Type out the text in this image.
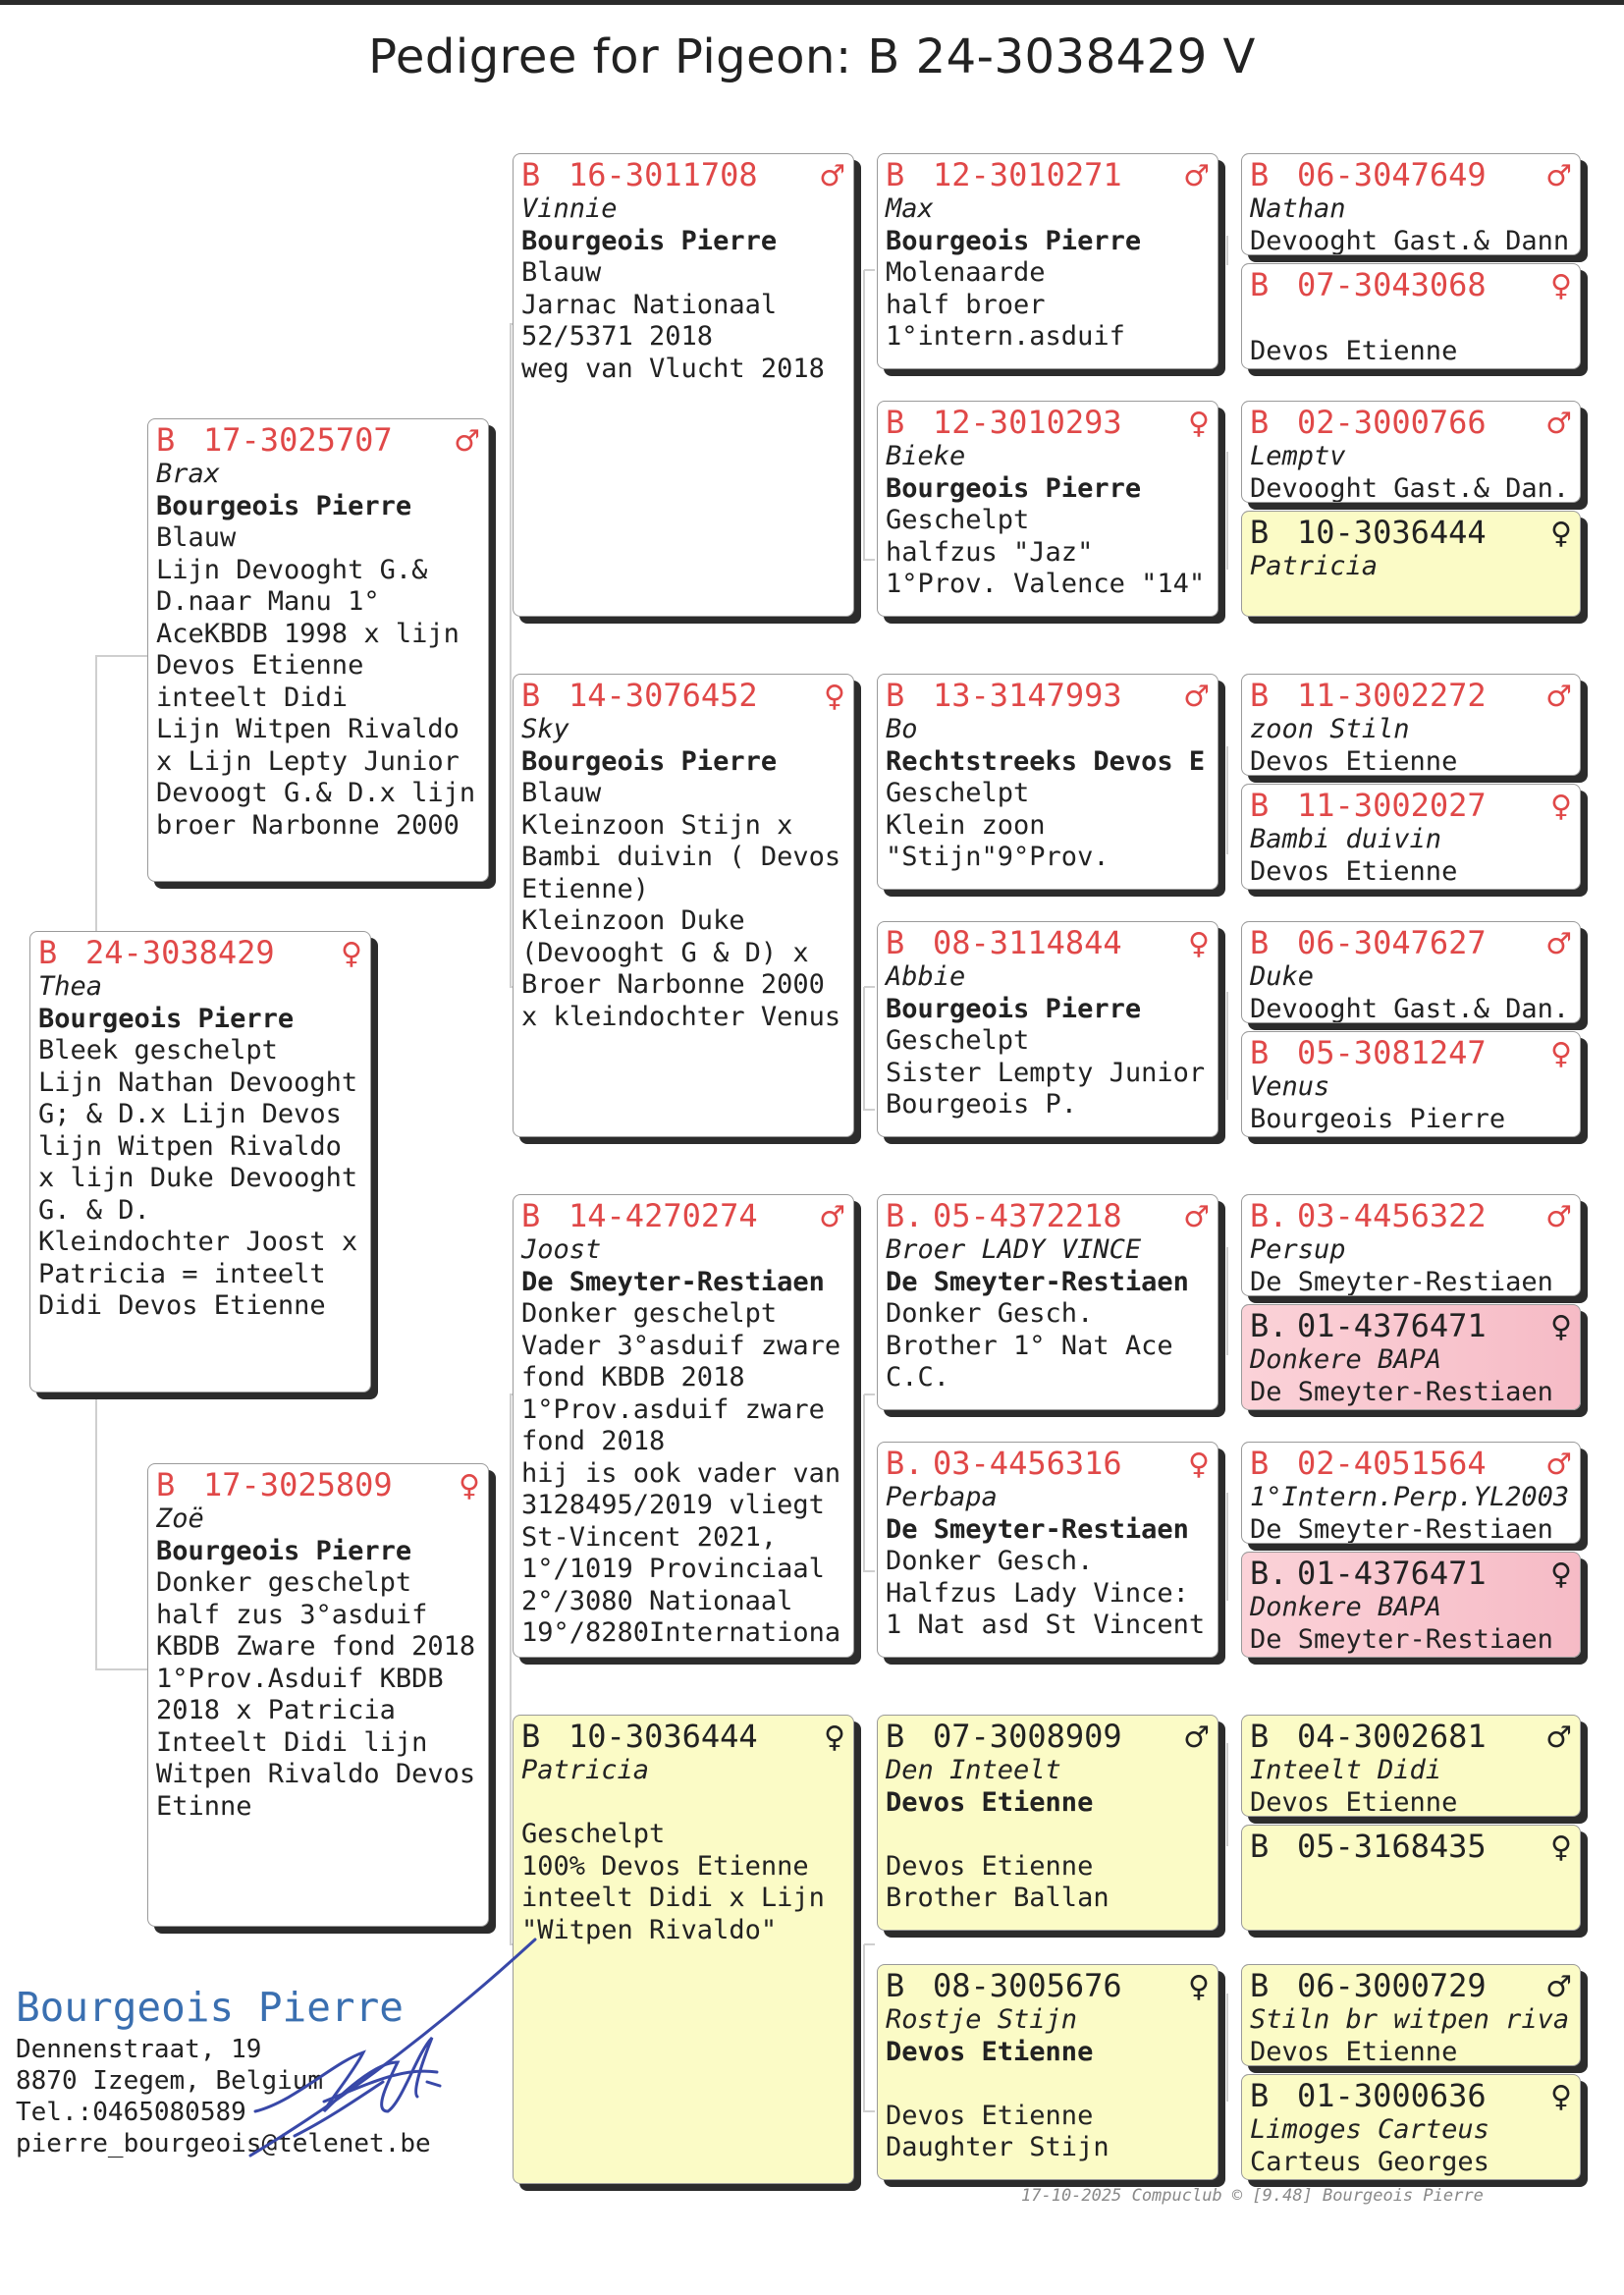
Pedigree for Pigeon: B 24-3038429 V
B 24-3038429	♀
Thea
Bourgeois Pierre
Bleek geschelpt
Lijn Nathan Devooght
G; & D.x Lijn Devos
lijn Witpen Rivaldo
x lijn Duke Devooght
G. & D.
Kleindochter Joost x
Patricia = inteelt
Didi Devos Etienne
B 17-3025707	♂
Brax
Bourgeois Pierre
Blauw
Lijn Devooght G.&
D.naar Manu 1°
AceKBDB 1998 x lijn
Devos Etienne
inteelt Didi
Lijn Witpen Rivaldo
x Lijn Lepty Junior
Devoogt G.& D.x lijn
broer Narbonne 2000
B 17-3025809	♀
Zoë
Bourgeois Pierre
Donker geschelpt
half zus 3°asduif
KBDB Zware fond 2018
1°Prov.Asduif KBDB
2018 x Patricia
Inteelt Didi lijn
Witpen Rivaldo Devos
Etinne
B 16-3011708	♂
Vinnie
Bourgeois Pierre
Blauw
Jarnac Nationaal
52/5371 2018
weg van Vlucht 2018
B 14-3076452	♀
Sky
Bourgeois Pierre
Blauw
Kleinzoon Stijn x
Bambi duivin ( Devos
Etienne)
Kleinzoon Duke
(Devooght G & D) x
Broer Narbonne 2000
x kleindochter Venus
B 14-4270274	♂
Joost
De Smeyter-Restiaen
Donker geschelpt
Vader 3°asduif zware
fond KBDB 2018
1°Prov.asduif zware
fond 2018
hij is ook vader van
3128495/2019 vliegt
St-Vincent 2021,
1°/1019 Provinciaal
2°/3080 Nationaal
19°/8280Internationa
B 10-3036444	♀
Patricia
Geschelpt
100% Devos Etienne
inteelt Didi x Lijn
"Witpen Rivaldo"
B 12-3010271	♂
Max
Bourgeois Pierre
Molenaarde
half broer
1°intern.asduif
B 12-3010293	♀
Bieke
Bourgeois Pierre
Geschelpt
halfzus "Jaz"
1°Prov. Valence "14"
B 13-3147993	♂
Bo
Rechtstreeks Devos E
Geschelpt
Klein zoon
"Stijn"9°Prov.
B 08-3114844	♀
Abbie
Bourgeois Pierre
Geschelpt
Sister Lempty Junior
Bourgeois P.
B. 05-4372218	♂
Broer LADY VINCE
De Smeyter-Restiaen
Donker Gesch.
Brother 1° Nat Ace
C.C.
B. 03-4456316	♀
Perbapa
De Smeyter-Restiaen
Donker Gesch.
Halfzus Lady Vince:
1 Nat asd St Vincent
B 07-3008909	♂
Den Inteelt
Devos Etienne
Devos Etienne
Brother Ballan
B 08-3005676	♀
Rostje Stijn
Devos Etienne
Devos Etienne
Daughter Stijn
B 06-3047649	♂
Nathan
Devooght Gast.& Dann
B 07-3043068	♀
Devos Etienne
B 02-3000766	♂
Lemptv
Devooght Gast.& Dan.
B 10-3036444	♀
Patricia
B 11-3002272	♂
zoon Stiln
Devos Etienne
B 11-3002027	♀
Bambi duivin
Devos Etienne
B 06-3047627	♂
Duke
Devooght Gast.& Dan.
B 05-3081247	♀
Venus
Bourgeois Pierre
B. 03-4456322	♂
Persup
De Smeyter-Restiaen
B. 01-4376471	♀
Donkere BAPA
De Smeyter-Restiaen
B 02-4051564	♂
1°Intern.Perp.YL2003
De Smeyter-Restiaen
B. 01-4376471	♀
Donkere BAPA
De Smeyter-Restiaen
B 04-3002681	♂
Inteelt Didi
Devos Etienne
B 05-3168435	♀
B 06-3000729	♂
Stiln br witpen riva
Devos Etienne
B 01-3000636	♀
Limoges Carteus
Carteus Georges
Bourgeois Pierre
Dennenstraat, 19
8870 Izegem, Belgium
Tel.:0465080589
pierre_bourgeois@telenet.be
17-10-2025 Compuclub © [9.48] Bourgeois Pierre
